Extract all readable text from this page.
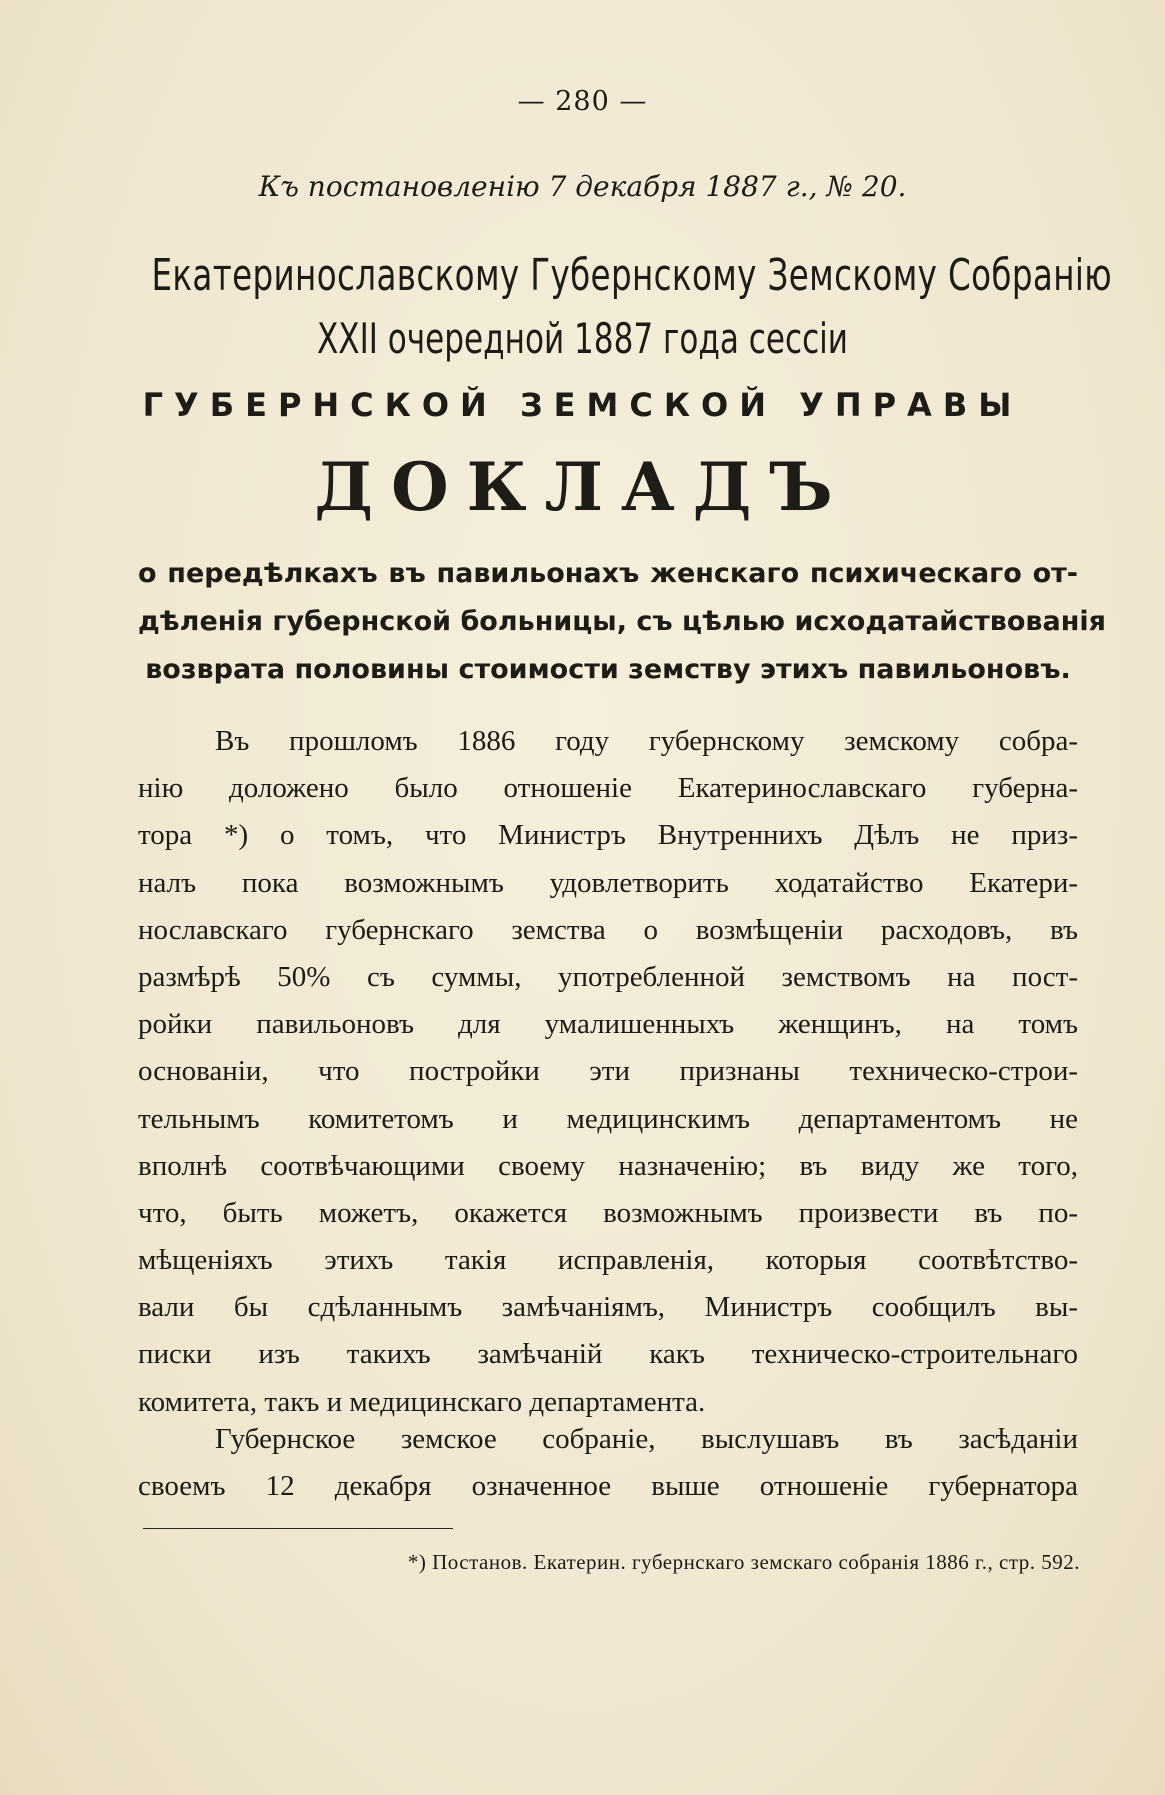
— 280 —
Къ постановленію 7 декабря 1887 г., № 20.
Екатеринославскому Губернскому Земскому Собранію
XXII очередной 1887 года сессіи
ГУБЕРНСКОЙ ЗЕМСКОЙ УПРАВЫ
ДОКЛАДЪ
о передѣлкахъ въ павильонахъ женскаго психическаго от-
дѣленія губернской больницы, съ цѣлью исходатайствованія
возврата половины стоимости земству этихъ павильоновъ.
Въ прошломъ 1886 году губернскому земскому собра-
нію доложено было отношеніе Екатеринославскаго губерна-
тора *) о томъ, что Министръ Внутреннихъ Дѣлъ не приз-
налъ пока возможнымъ удовлетворить ходатайство Екатери-
нославскаго губернскаго земства о возмѣщеніи расходовъ, въ
размѣрѣ 50% съ суммы, употребленной земствомъ на пост-
ройки павильоновъ для умалишенныхъ женщинъ, на томъ
основаніи, что постройки эти признаны техническо-строи-
тельнымъ комитетомъ и медицинскимъ департаментомъ не
вполнѣ соотвѣчающими своему назначенію; въ виду же того,
что, быть можетъ, окажется возможнымъ произвести въ по-
мѣщеніяхъ этихъ такія исправленія, которыя соотвѣтство-
вали бы сдѣланнымъ замѣчаніямъ, Министръ сообщилъ вы-
писки изъ такихъ замѣчаній какъ техническо-строительнаго
комитета, такъ и медицинскаго департамента.
Губернское земское собраніе, выслушавъ въ засѣданіи
своемъ 12 декабря означенное выше отношеніе губернатора
*) Постанов. Екатерин. губернскаго земскаго собранія 1886 г., стр. 592.
